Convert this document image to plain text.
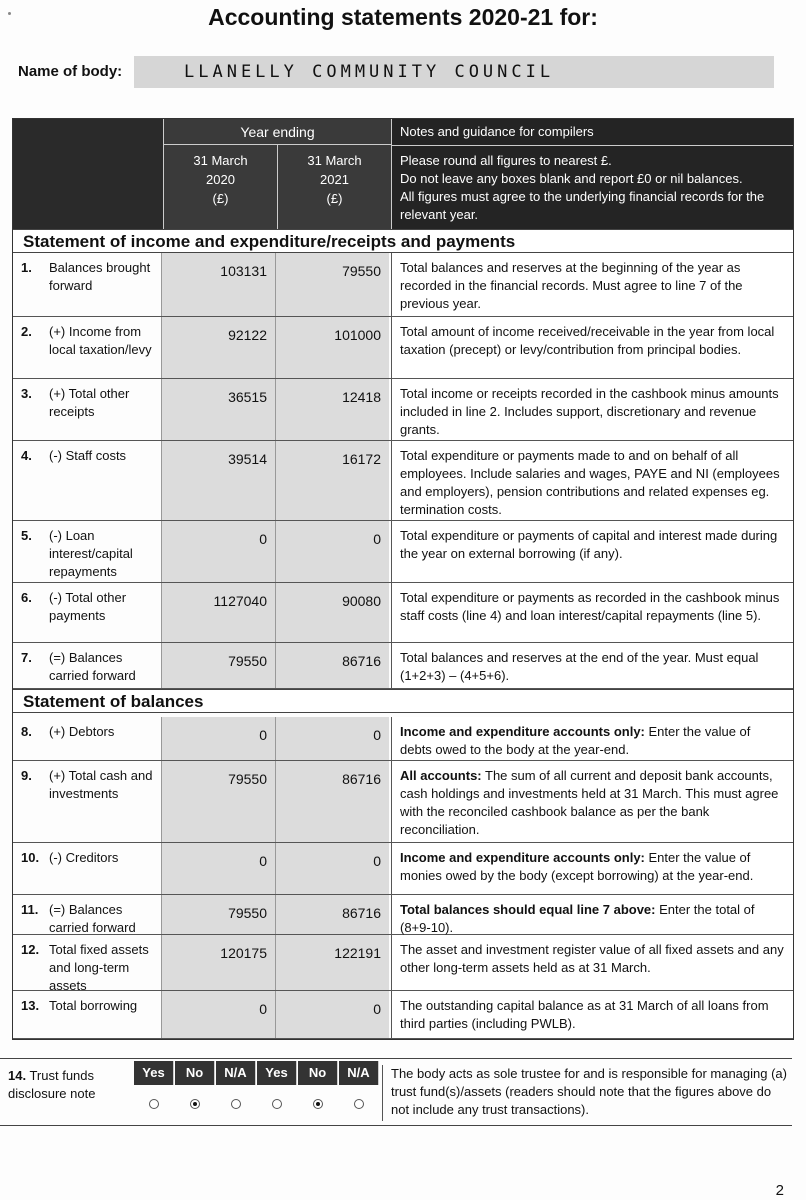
Accounting statements 2020-21 for:
Name of body:	LLANELLY COMMUNITY COUNCIL
Year ending
31 March
2020
(£)
31 March
2021
(£)
Notes and guidance for compilers
Please round all figures to nearest £.
Do not leave any boxes blank and report £0 or nil balances.
All figures must agree to the underlying financial records for the relevant year.
Statement of income and expenditure/receipts and payments
1. Balances brought forward
103131	79550	Total balances and reserves at the beginning of the year as recorded in the financial records. Must agree to line 7 of the previous year.
2. (+) Income from local taxation/levy
92122	101000	Total amount of income received/receivable in the year from local taxation (precept) or levy/contribution from principal bodies.
3. (+) Total other receipts
36515	12418	Total income or receipts recorded in the cashbook minus amounts included in line 2. Includes support, discretionary and revenue grants.
4. (-) Staff costs	39514	16172	Total expenditure or payments made to and on behalf of all employees. Include salaries and wages, PAYE and NI (employees and employers), pension contributions and related expenses eg. termination costs.
5. (-) Loan interest/capital repayments
0	0	Total expenditure or payments of capital and interest made during the year on external borrowing (if any).
6. (-) Total other payments
1127040	90080	Total expenditure or payments as recorded in the cashbook minus staff costs (line 4) and loan interest/capital repayments (line 5).
7. (=) Balances carried forward
79550	86716	Total balances and reserves at the end of the year. Must equal (1+2+3) – (4+5+6).
8. (+) Debtors	0	0	Income and expenditure accounts only: Enter the value of debts owed to the body at the year-end.
9. (+) Total cash and investments
79550	86716	All accounts: The sum of all current and deposit bank accounts, cash holdings and investments held at 31 March. This must agree with the reconciled cashbook balance as per the bank reconciliation.
10. (-) Creditors	0	0	Income and expenditure accounts only: Enter the value of monies owed by the body (except borrowing) at the year-end.
11. (=) Balances carried forward
79550	86716	Total balances should equal line 7 above: Enter the total of (8+9-10).
12. Total fixed assets and long-term assets
120175	122191	The asset and investment register value of all fixed assets and any other long-term assets held as at 31 March.
13. Total borrowing	0	0	The outstanding capital balance as at 31 March of all loans from third parties (including PWLB).
Statement of balances
14. Trust funds disclosure note
Yes	No	N/A	Yes	No	N/A	The body acts as sole trustee for and is responsible for managing (a) trust fund(s)/assets (readers should note that the figures above do not include any trust transactions).
2
